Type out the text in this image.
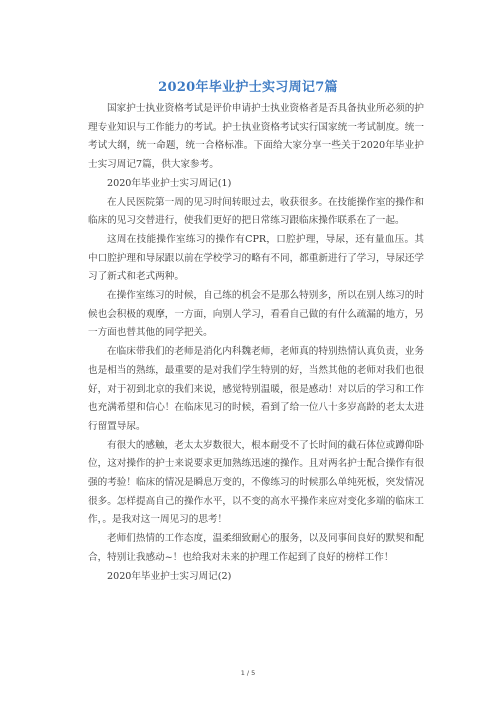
2020年毕业护士实习周记7篇

国家护士执业资格考试是评价申请护士执业资格者是否具备执业所必须的护理专业知识与工作能力的考试。护士执业资格考试实行国家统一考试制度。统一考试大纲，统一命题，统一合格标准。下面给大家分享一些关于2020年毕业护士实习周记7篇，供大家参考。

2020年毕业护士实习周记(1)

在人民医院第一周的见习时间转眼过去，收获很多。在技能操作室的操作和临床的见习交替进行，使我们更好的把日常练习跟临床操作联系在了一起。

这周在技能操作室练习的操作有CPR，口腔护理，导尿，还有量血压。其中口腔护理和导尿跟以前在学校学习的略有不同，都重新进行了学习，导尿还学习了新式和老式两种。

在操作室练习的时候，自己练的机会不是那么特别多，所以在别人练习的时候也会积极的观摩，一方面，向别人学习，看看自己做的有什么疏漏的地方，另一方面也替其他的同学把关。

在临床带我们的老师是消化内科魏老师，老师真的特别热情认真负责，业务也是相当的熟练，最重要的是对我们学生特别的好，当然其他的老师对我们也很好，对于初到北京的我们来说，感觉特别温暖，很是感动！对以后的学习和工作也充满希望和信心！在临床见习的时候，看到了给一位八十多岁高龄的老太太进行留置导尿。

有很大的感触，老太太岁数很大，根本耐受不了长时间的截石体位或蹲仰卧位，这对操作的护士来说要求更加熟练迅速的操作。且对两名护士配合操作有很强的考验！临床的情况是瞬息万变的，不像练习的时候那么单纯死板，突发情况很多。怎样提高自己的操作水平，以不变的高水平操作来应对变化多端的临床工作，。是我对这一周见习的思考！

老师们热情的工作态度，温柔细致耐心的服务，以及同事间良好的默契和配合，特别让我感动~！也给我对未来的护理工作起到了良好的榜样工作！

2020年毕业护士实习周记(2)

1 / 5
